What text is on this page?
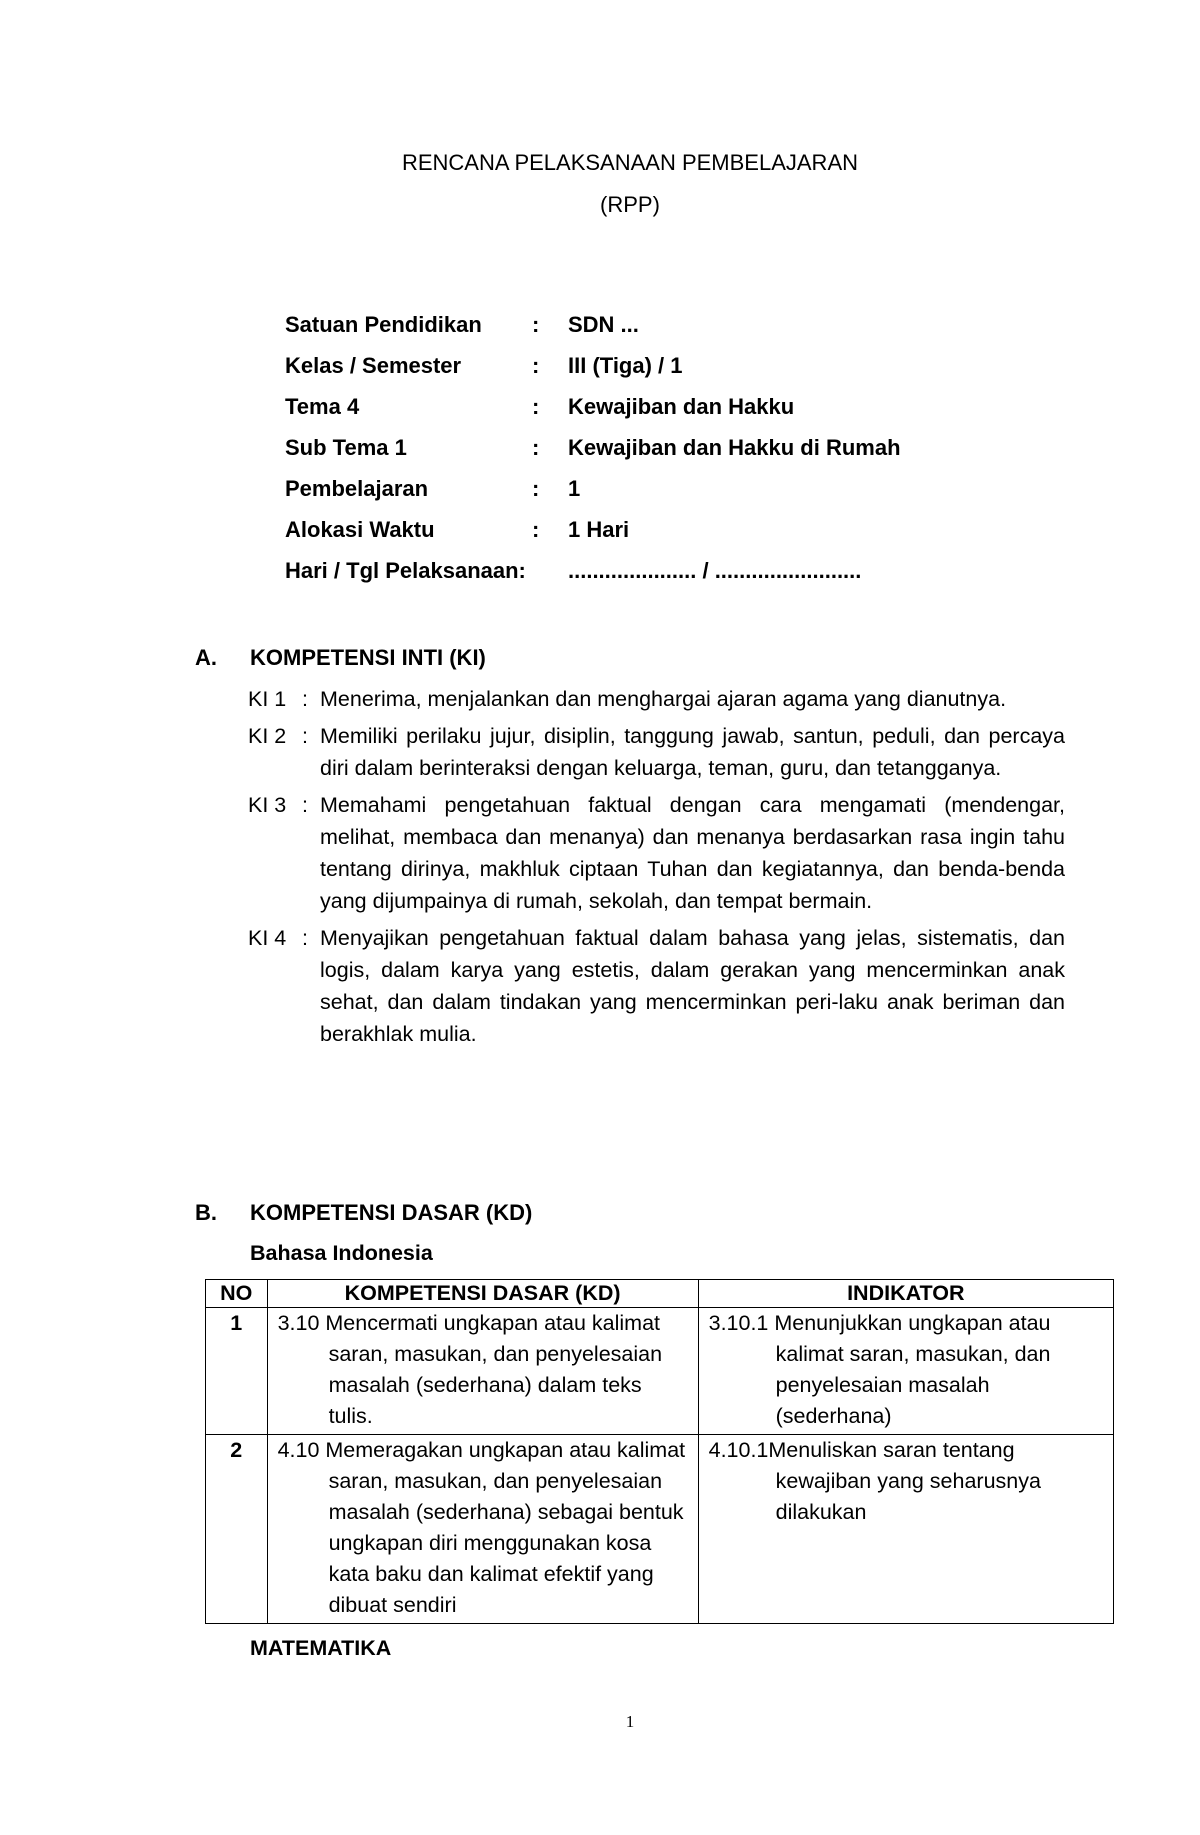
RENCANA PELAKSANAAN PEMBELAJARAN
(RPP)
Satuan Pendidikan	:	SDN ...
Kelas / Semester	:	III (Tiga) / 1
Tema 4	:	Kewajiban dan Hakku
Sub Tema 1	:	Kewajiban dan Hakku di Rumah
Pembelajaran	:	1
Alokasi Waktu	:	1 Hari
Hari / Tgl Pelaksanaan: ..................... / ........................
A. KOMPETENSI INTI (KI)
KI 1 : Menerima, menjalankan dan menghargai ajaran agama yang dianutnya.
KI 2 : Memiliki perilaku jujur, disiplin, tanggung jawab, santun, peduli, dan percaya diri dalam berinteraksi dengan keluarga, teman, guru, dan tetangganya.
KI 3 : Memahami pengetahuan faktual dengan cara mengamati (mendengar, melihat, membaca dan menanya) dan menanya berdasarkan rasa ingin tahu tentang dirinya, makhluk ciptaan Tuhan dan kegiatannya, dan benda-benda yang dijumpainya di rumah, sekolah, dan tempat bermain.
KI 4 : Menyajikan pengetahuan faktual dalam bahasa yang jelas, sistematis, dan logis, dalam karya yang estetis, dalam gerakan yang mencerminkan anak sehat, dan dalam tindakan yang mencerminkan peri-laku anak beriman dan berakhlak mulia.
B. KOMPETENSI DASAR (KD)
Bahasa Indonesia
NO	KOMPETENSI DASAR (KD)	INDIKATOR
1	3.10 Mencermati ungkapan atau kalimat saran, masukan, dan penyelesaian masalah (sederhana) dalam teks tulis.	3.10.1 Menunjukkan ungkapan atau kalimat saran, masukan, dan penyelesaian masalah (sederhana)
2	4.10 Memeragakan ungkapan atau kalimat saran, masukan, dan penyelesaian masalah (sederhana) sebagai bentuk ungkapan diri menggunakan kosa kata baku dan kalimat efektif yang dibuat sendiri	4.10.1Menuliskan saran tentang kewajiban yang seharusnya dilakukan
MATEMATIKA
1
